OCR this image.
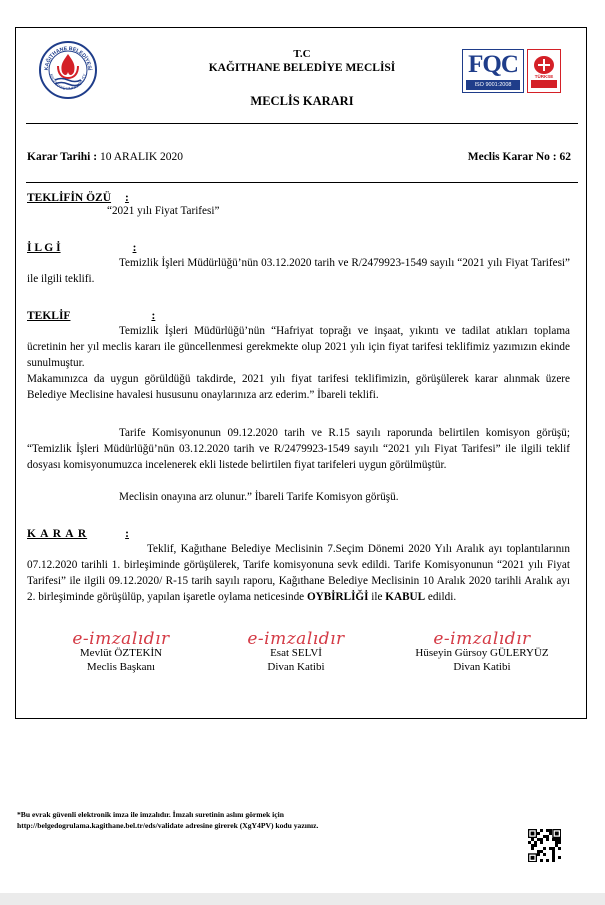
KAĞITHANE BELEDİYESİ
KAĞITHANE MUNICIPALITY
T.C
KAĞITHANE BELEDİYE MECLİSİ
MECLİS KARARI
FQC
ISO 9001:2008
TÜRKSE
Karar Tarihi : 10 ARALIK 2020	Meclis Karar No : 62
TEKLİFİN ÖZÜ :
“2021 yılı Fiyat Tarifesi”
İ L G İ	:
Temizlik İşleri Müdürlüğü’nün 03.12.2020 tarih ve R/2479923-1549 sayılı “2021 yılı Fiyat Tarifesi” ile ilgili teklifi.
TEKLİF	:
Temizlik İşleri Müdürlüğü’nün “Hafriyat toprağı ve inşaat, yıkıntı ve tadilat atıkları toplama ücretinin her yıl meclis kararı ile güncellenmesi gerekmekte olup 2021 yılı için fiyat tarifesi teklifimiz yazımızın ekinde sunulmuştur.
Makamınızca da uygun görüldüğü takdirde, 2021 yılı fiyat tarifesi teklifimizin, görüşülerek karar alınmak üzere Belediye Meclisine havalesi hususunu onaylarınıza arz ederim.” İbareli teklifi.
Tarife Komisyonunun 09.12.2020 tarih ve R.15 sayılı raporunda belirtilen komisyon görüşü; “Temizlik İşleri Müdürlüğü’nün 03.12.2020 tarih ve R/2479923-1549 sayılı “2021 yılı Fiyat Tarifesi” ile ilgili teklif dosyası komisyonumuzca incelenerek ekli listede belirtilen fiyat tarifeleri uygun görülmüştür.
Meclisin onayına arz olunur.” İbareli Tarife Komisyon görüşü.
K A R A R	:
Teklif, Kağıthane Belediye Meclisinin 7.Seçim Dönemi 2020 Yılı Aralık ayı toplantılarının 07.12.2020 tarihli 1. birleşiminde görüşülerek, Tarife komisyonuna sevk edildi. Tarife Komisyonunun “2021 yılı Fiyat Tarifesi” ile ilgili 09.12.2020/ R-15 tarih sayılı raporu, Kağıthane Belediye Meclisinin 10 Aralık 2020 tarihli Aralık ayı 2. birleşiminde görüşülüp, yapılan işaretle oylama neticesinde OYBİRLİĞİ ile KABUL edildi.
e-imzalıdır
Mevlüt ÖZTEKİN
Meclis Başkanı
e-imzalıdır
Esat SELVİ
Divan Katibi
e-imzalıdır
Hüseyin Gürsoy GÜLERYÜZ
Divan Katibi
*Bu evrak güvenli elektronik imza ile imzalıdır. İmzalı suretinin aslını görmek için
http://belgedogrulama.kagithane.bel.tr/eds/validate adresine girerek (XgY4PV) kodu yazınız.
